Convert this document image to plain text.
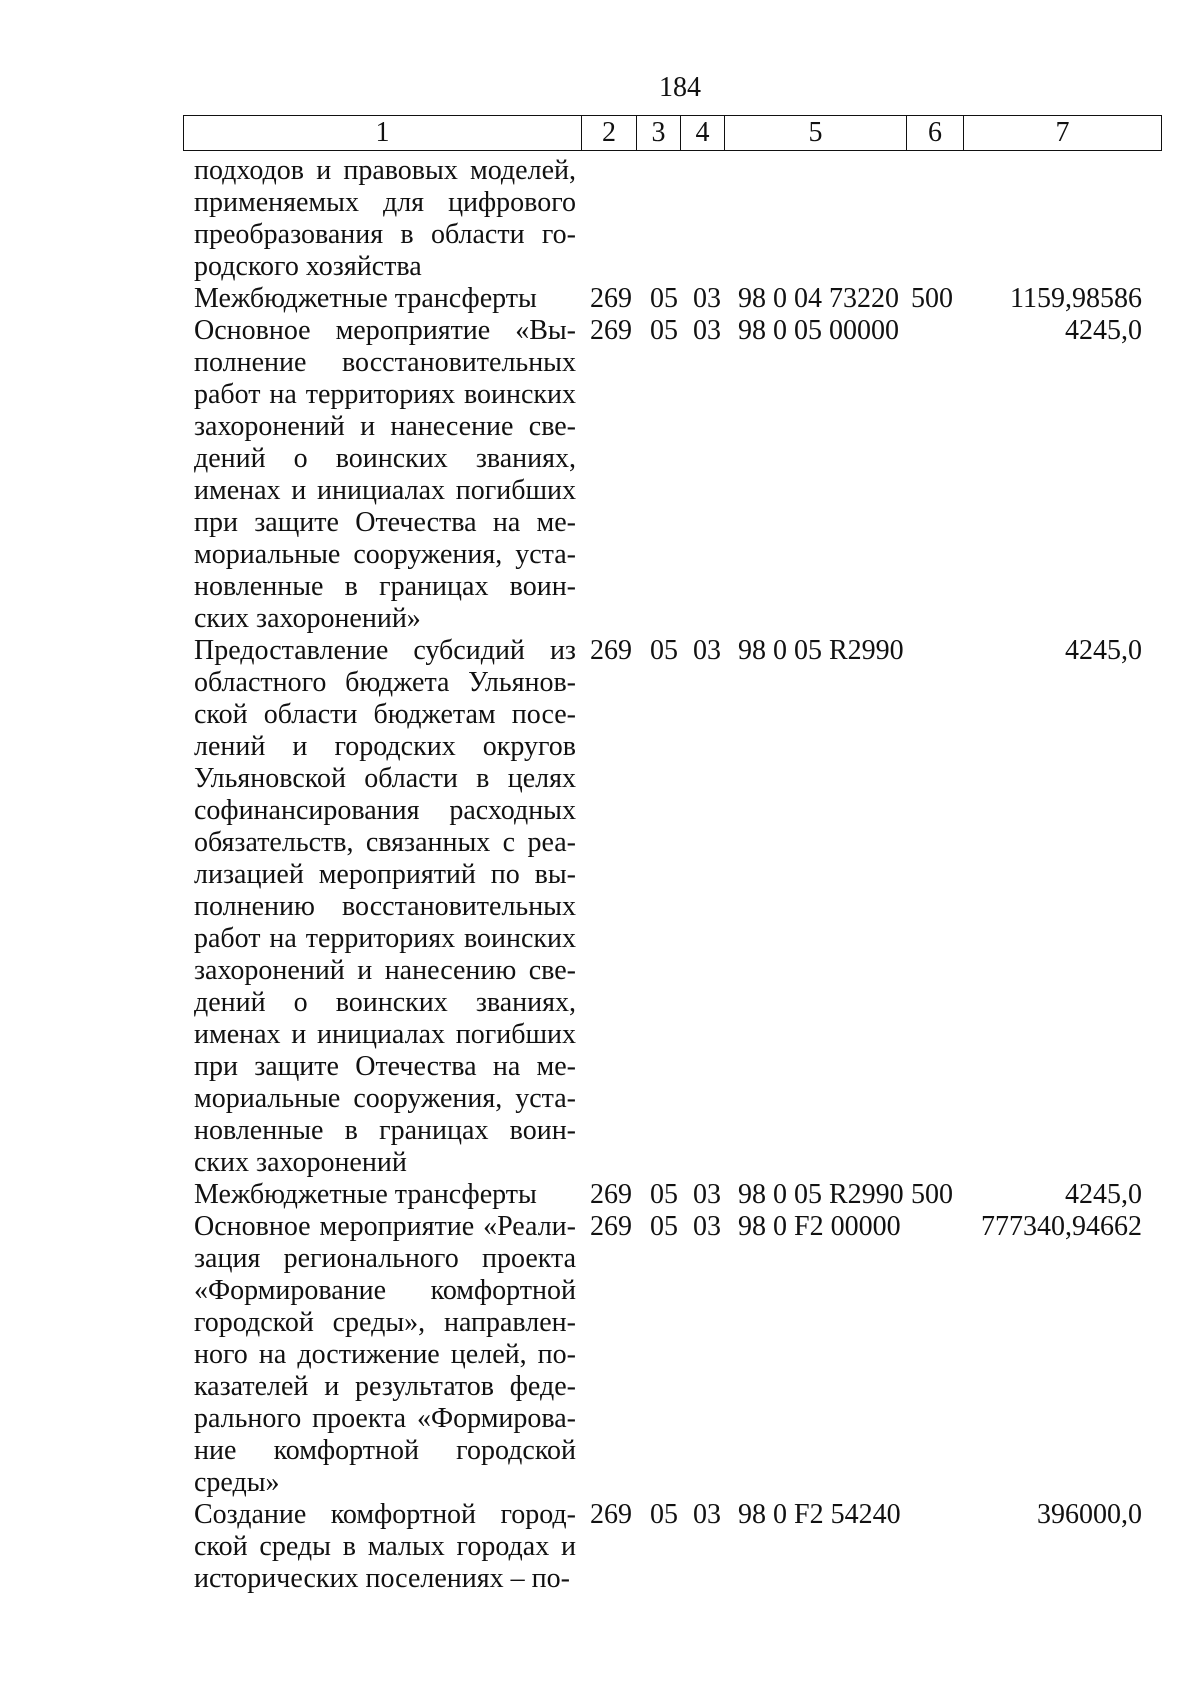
184
1	2	3	4	5	6	7
подходов и правовых моделей,
применяемых для цифрового
преобразования в области го-
родского хозяйства
Межбюджетные трансферты	269 05 03 98 0 04 73220 500 1159,98586
Основное мероприятие «Вы-
полнение восстановительных
работ на территориях воинских
захоронений и нанесение све-
дений о воинских званиях,
именах и инициалах погибших
при защите Отечества на ме-
мориальные сооружения, уста-
новленные в границах воин-
ских захоронений»
269 05 03 98 0 05 00000	4245,0
Предоставление субсидий из
областного бюджета Ульянов-
ской области бюджетам посе-
лений и городских округов
Ульяновской области в целях
софинансирования расходных
обязательств, связанных с реа-
лизацией мероприятий по вы-
полнению восстановительных
работ на территориях воинских
захоронений и нанесению све-
дений о воинских званиях,
именах и инициалах погибших
при защите Отечества на ме-
мориальные сооружения, уста-
новленные в границах воин-
ских захоронений
269 05 03 98 0 05 R2990	4245,0
Межбюджетные трансферты	269 05 03 98 0 05 R2990 500	4245,0
Основное мероприятие «Реали-
зация регионального проекта
«Формирование комфортной
городской среды», направлен-
ного на достижение целей, по-
казателей и результатов феде-
рального проекта «Формирова-
ние комфортной городской
среды»
269 05 03 98 0 F2 00000	777340,94662
Создание комфортной город-
ской среды в малых городах и
исторических поселениях – по-
269 05 03 98 0 F2 54240	396000,0
